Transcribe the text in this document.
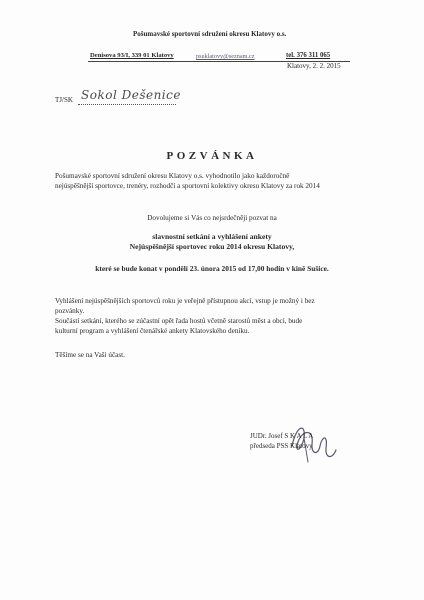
Pošumavské sportovní sdružení okresu Klatovy o.s.
Denisova 93/I, 339 01 Klatovy	psuklatovy@seznam.cz	tel. 376 311 065
Klatovy, 2. 2. 2015
TJ/SK Sokol Dešenice
POZVÁNKA
Pošumavské sportovní sdružení okresu Klatovy o.s. vyhodnotilo jako každoročně
nejúspěšnější sportovce, trenéry, rozhodčí a sportovní kolektivy okresu Klatovy za rok 2014
Dovolujeme si Vás co nejsrdečněji pozvat na
slavnostní setkání a vyhlášení ankety
Nejúspěšnější sportovec roku 2014 okresu Klatovy,
které se bude konat v pondělí 23. února 2015 od 17,00 hodin v kině Sušice.
Vyhlášení nejúspěšnějších sportovců roku je veřejně přístupnou akcí, vstup je možný i bez
pozvánky.
Součástí setkání, kterého se zúčastní opět řada hostů včetně starostů měst a obcí, bude
kulturní program a vyhlášení čtenářské ankety Klatovského deníku.
Těšíme se na Vaši účast.
JUDr. Josef S K A L A
předseda PSS Klatovy
